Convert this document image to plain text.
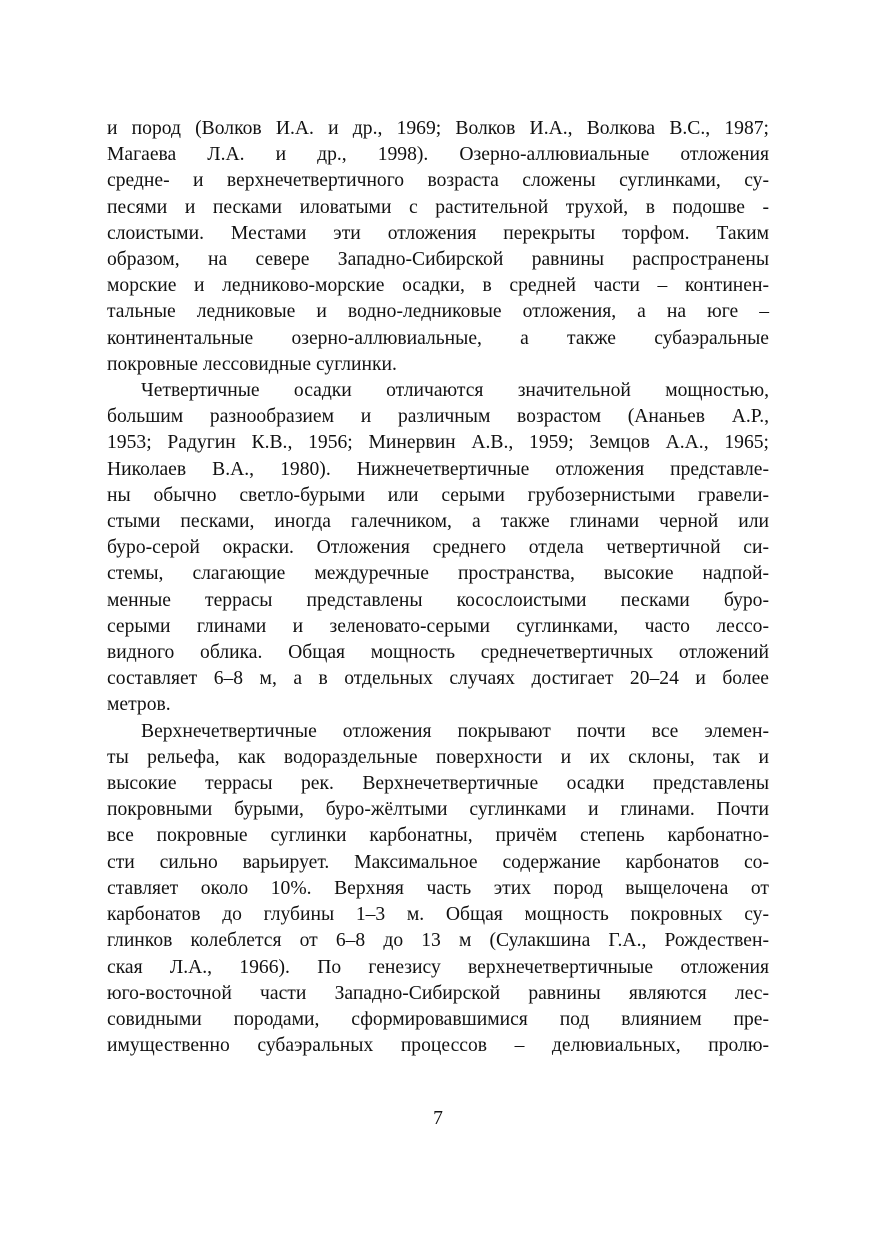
и пород (Волков И.А. и др., 1969; Волков И.А., Волкова В.С., 1987;
Магаева Л.А. и др., 1998). Озерно-аллювиальные отложения
средне- и верхнечетвертичного возраста сложены суглинками, су-
песями и песками иловатыми с растительной трухой, в подошве -
слоистыми. Местами эти отложения перекрыты торфом. Таким
образом, на севере Западно-Сибирской равнины распространены
морские и ледниково-морские осадки, в средней части – континен-
тальные ледниковые и водно-ледниковые отложения, а на юге –
континентальные озерно-аллювиальные, а также субаэральные
покровные лессовидные суглинки.
Четвертичные осадки отличаются значительной мощностью,
большим разнообразием и различным возрастом (Ананьев А.Р.,
1953; Радугин К.В., 1956; Минервин А.В., 1959; Земцов А.А., 1965;
Николаев В.А., 1980). Нижнечетвертичные отложения представле-
ны обычно светло-бурыми или серыми грубозернистыми гравели-
стыми песками, иногда галечником, а также глинами черной или
буро-серой окраски. Отложения среднего отдела четвертичной си-
стемы, слагающие междуречные пространства, высокие надпой-
менные террасы представлены косослоистыми песками буро-
серыми глинами и зеленовато-серыми суглинками, часто лессо-
видного облика. Общая мощность среднечетвертичных отложений
составляет 6–8 м, а в отдельных случаях достигает 20–24 и более
метров.
Верхнечетвертичные отложения покрывают почти все элемен-
ты рельефа, как водораздельные поверхности и их склоны, так и
высокие террасы рек. Верхнечетвертичные осадки представлены
покровными бурыми, буро-жёлтыми суглинками и глинами. Почти
все покровные суглинки карбонатны, причём степень карбонатно-
сти сильно варьирует. Максимальное содержание карбонатов со-
ставляет около 10%. Верхняя часть этих пород выщелочена от
карбонатов до глубины 1–3 м. Общая мощность покровных су-
глинков колеблется от 6–8 до 13 м (Сулакшина Г.А., Рождествен-
ская Л.А., 1966). По генезису верхнечетвертичныые отложения
юго-восточной части Западно-Сибирской равнины являются лес-
совидными породами, сформировавшимися под влиянием пре-
имущественно субаэральных процессов – делювиальных, пролю-
7
